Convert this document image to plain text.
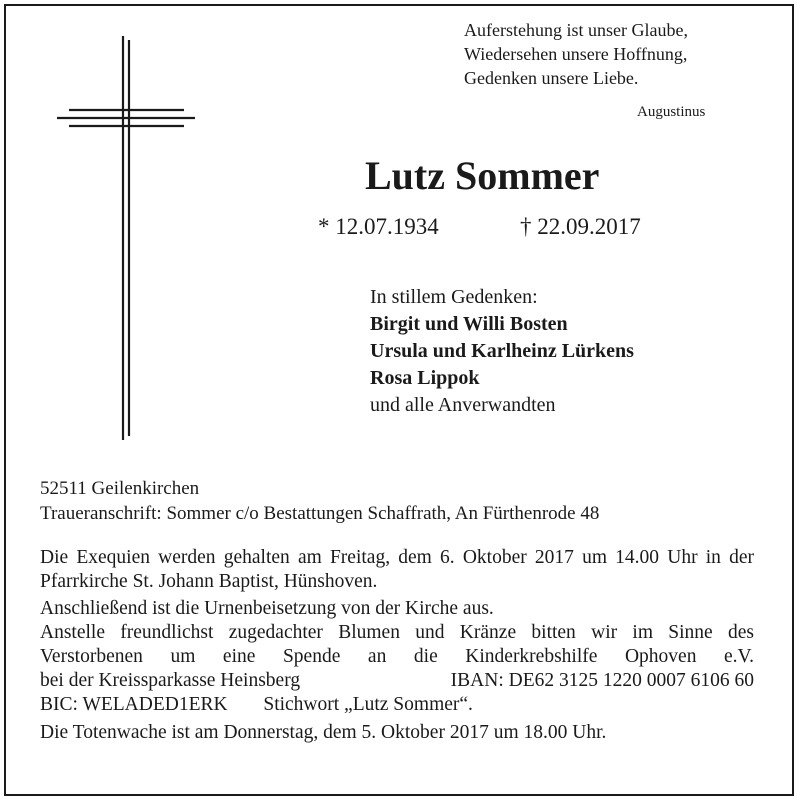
Auferstehung ist unser Glaube,
Wiedersehen unsere Hoffnung,
Gedenken unsere Liebe.
Augustinus
Lutz Sommer
* 12.07.1934	† 22.09.2017
In stillem Gedenken:
Birgit und Willi Bosten
Ursula und Karlheinz Lürkens
Rosa Lippok
und alle Anverwandten
52511 Geilenkirchen
Traueranschrift: Sommer c/o Bestattungen Schaffrath, An Fürthenrode 48

Die Exequien werden gehalten am Freitag, dem 6. Oktober 2017 um 14.00 Uhr in der Pfarrkirche St. Johann Baptist, Hünshoven.

Anschließend ist die Urnenbeisetzung von der Kirche aus.

Anstelle freundlichst zugedachter Blumen und Kränze bitten wir im Sinne des Verstorbenen um eine Spende an die Kinderkrebshilfe Ophoven e.V.

bei der Kreissparkasse Heinsberg	IBAN: DE62 3125 1220 0007 6106 60
BIC: WELADED1ERK Stichwort „Lutz Sommer“.

Die Totenwache ist am Donnerstag, dem 5. Oktober 2017 um 18.00 Uhr.
